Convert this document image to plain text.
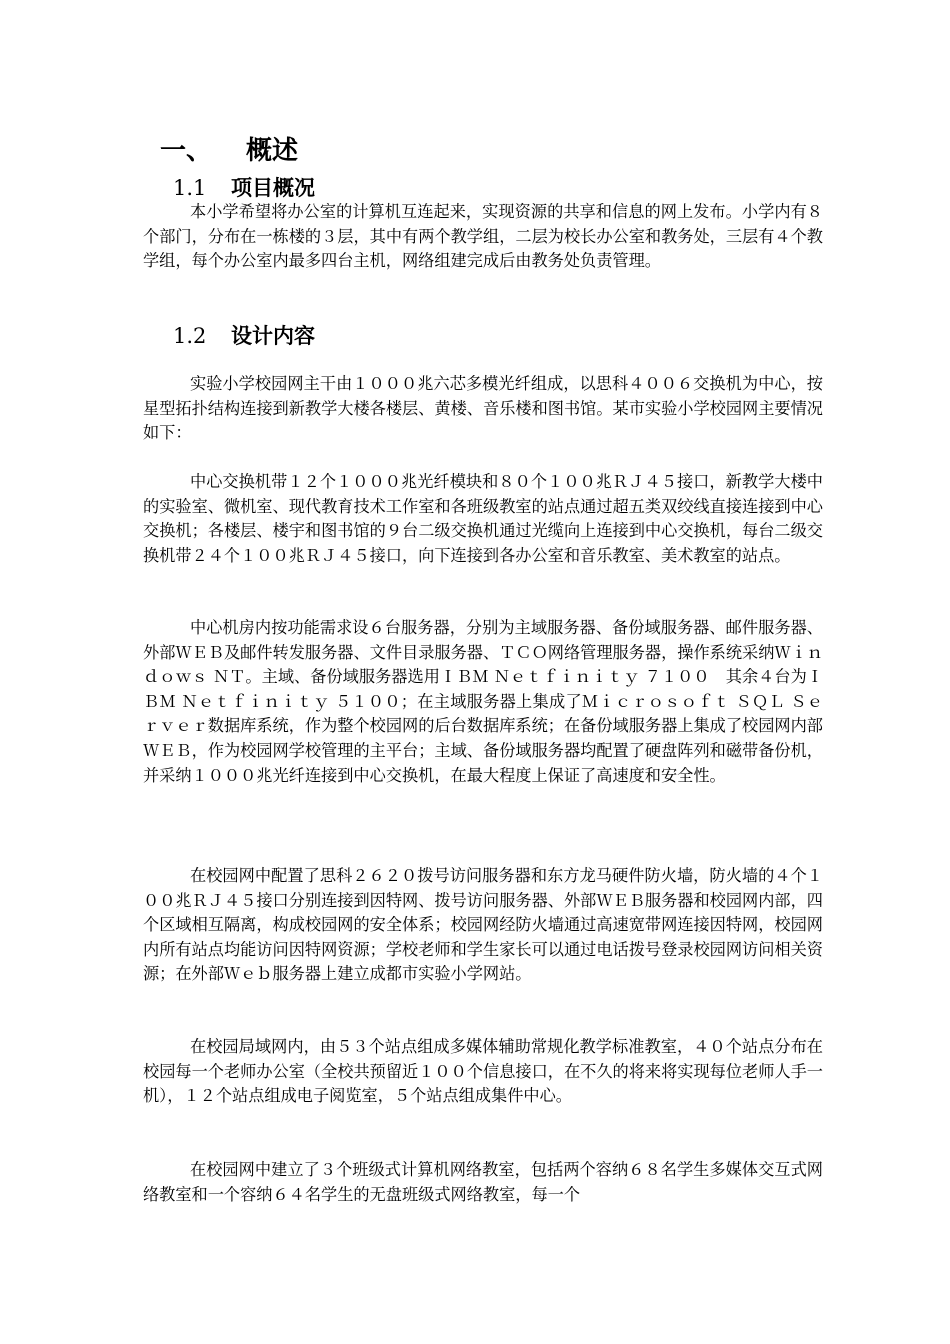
一、 概述
1.1 项目概况

本小学希望将办公室的计算机互连起来，实现资源的共享和信息的网上发布。小学内有８个部门，分布在一栋楼的３层，其中有两个教学组，二层为校长办公室和教务处，三层有４个教学组，每个办公室内最多四台主机，网络组建完成后由教务处负责管理。

1.2 设计内容

实验小学校园网主干由１０００兆六芯多模光纤组成，以思科４００６交换机为中心，按星型拓扑结构连接到新教学大楼各楼层、黄楼、音乐楼和图书馆。某市实验小学校园网主要情况如下：

中心交换机带１２个１０００兆光纤模块和８０个１００兆ＲＪ４５接口，新教学大楼中的实验室、微机室、现代教育技术工作室和各班级教室的站点通过超五类双绞线直接连接到中心交换机；各楼层、楼宇和图书馆的９台二级交换机通过光缆向上连接到中心交换机，每台二级交换机带２４个１００兆ＲＪ４５接口，向下连接到各办公室和音乐教室、美术教室的站点。

中心机房内按功能需求设６台服务器，分别为主域服务器、备份域服务器、邮件服务器、外部ＷＥＢ及邮件转发服务器、文件目录服务器、ＴＣＯ网络管理服务器，操作系统采纳Ｗｉｎｄｏｗｓ ＮＴ。主域、备份域服务器选用ＩＢＭ Ｎｅｔｆｉｎｉｔｙ ７１００　其余４台为ＩＢＭ Ｎｅｔｆｉｎｉｔｙ ５１００；在主域服务器上集成了Ｍｉｃｒｏｓｏｆｔ ＳＱＬ Ｓｅｒｖｅｒ数据库系统，作为整个校园网的后台数据库系统；在备份域服务器上集成了校园网内部ＷＥＢ，作为校园网学校管理的主平台；主域、备份域服务器均配置了硬盘阵列和磁带备份机，并采纳１０００兆光纤连接到中心交换机，在最大程度上保证了高速度和安全性。

在校园网中配置了思科２６２０拨号访问服务器和东方龙马硬件防火墙，防火墙的４个１００兆ＲＪ４５接口分别连接到因特网、拨号访问服务器、外部ＷＥＢ服务器和校园网内部，四个区域相互隔离，构成校园网的安全体系；校园网经防火墙通过高速宽带网连接因特网，校园网内所有站点均能访问因特网资源；学校老师和学生家长可以通过电话拨号登录校园网访问相关资源；在外部Ｗｅｂ服务器上建立成都市实验小学网站。

在校园局域网内，由５３个站点组成多媒体辅助常规化教学标准教室，４０个站点分布在校园每一个老师办公室（全校共预留近１００个信息接口，在不久的将来将实现每位老师人手一机），１２个站点组成电子阅览室，５个站点组成集件中心。

在校园网中建立了３个班级式计算机网络教室，包括两个容纳６８名学生多媒体交互式网络教室和一个容纳６４名学生的无盘班级式网络教室，每一个
